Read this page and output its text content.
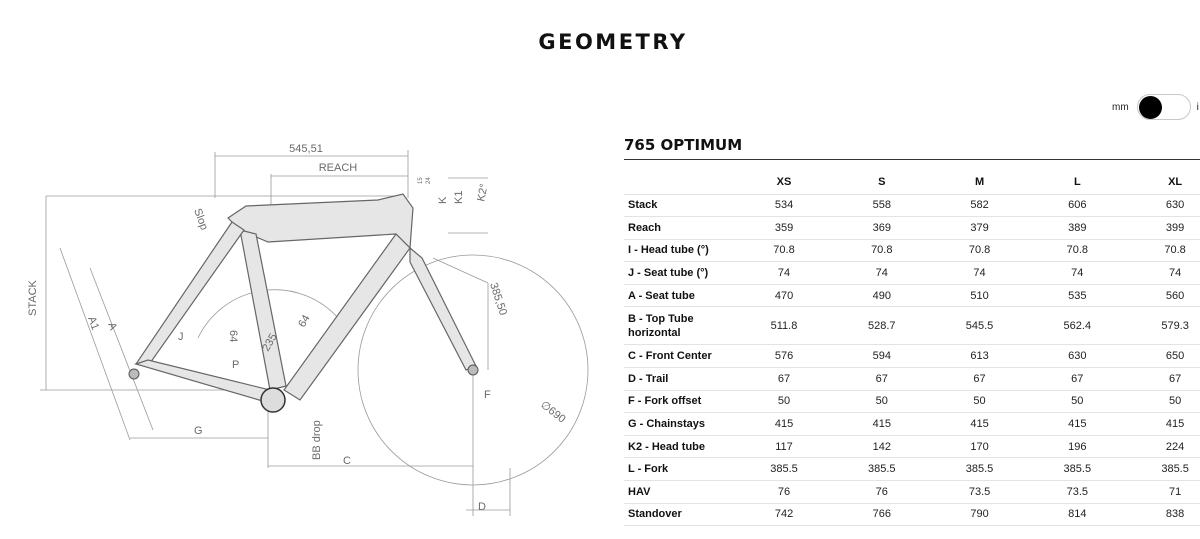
GEOMETRY
mm	i
545,51
REACH
STACK
Slop
A1 A
J	64
P
235
64
BB drop
G
C
D
F
385,50
∅690
K K1 K2°
15 24
765 OPTIMUM
	XS	S	M	L	XL
Stack	534	558	582	606	630
Reach	359	369	379	389	399
I - Head tube (°)	70.8	70.8	70.8	70.8	70.8
J - Seat tube (°)	74	74	74	74	74
A - Seat tube	470	490	510	535	560
B - Top Tube horizontal	511.8	528.7	545.5	562.4	579.3
C - Front Center	576	594	613	630	650
D - Trail	67	67	67	67	67
F - Fork offset	50	50	50	50	50
G - Chainstays	415	415	415	415	415
K2 - Head tube	117	142	170	196	224
L - Fork	385.5	385.5	385.5	385.5	385.5
HAV	76	76	73.5	73.5	71
Standover	742	766	790	814	838
